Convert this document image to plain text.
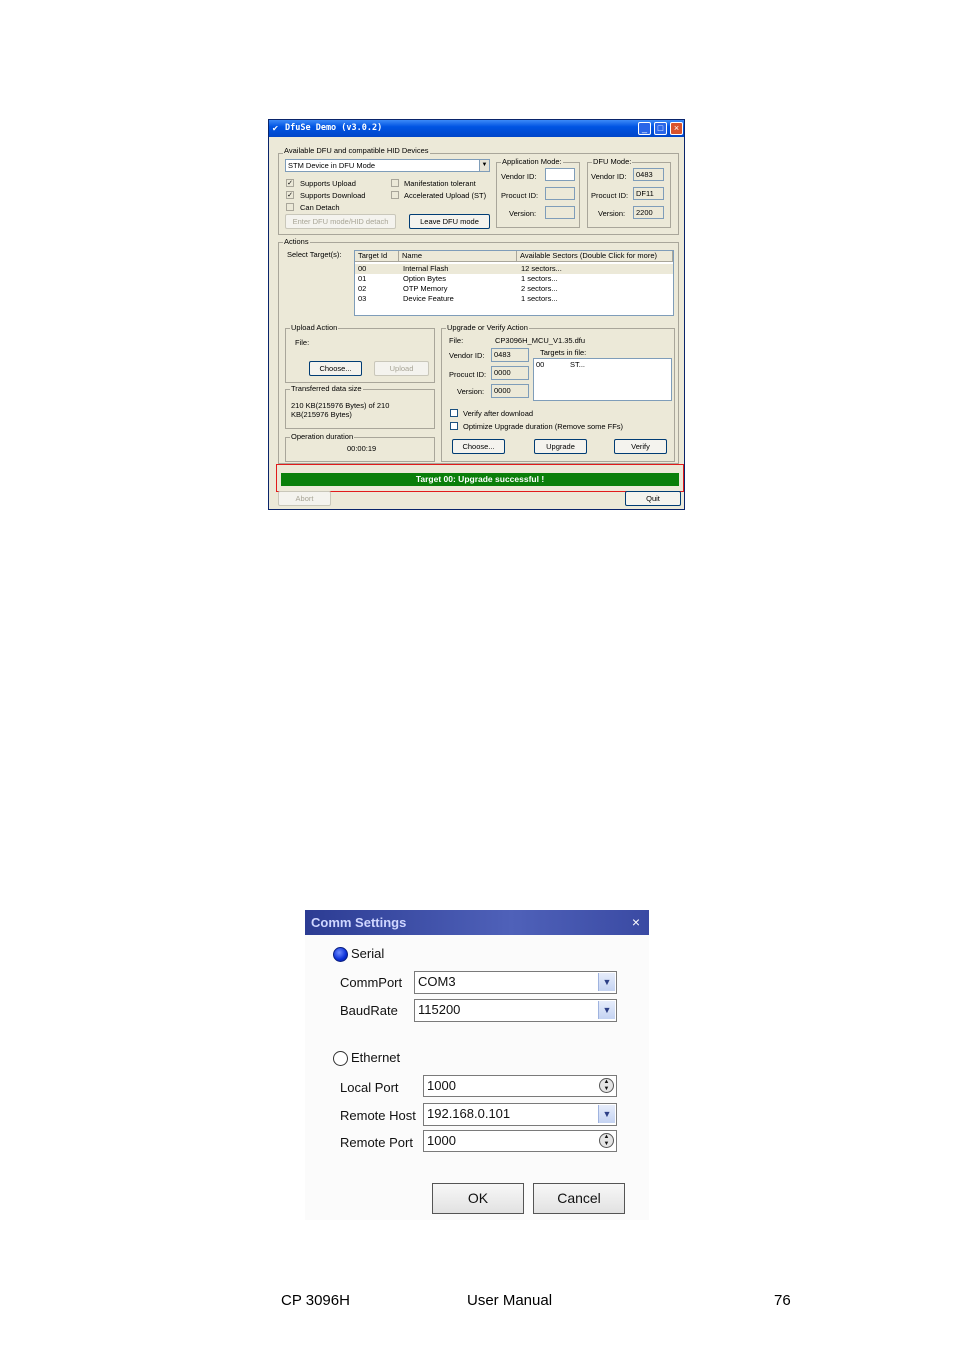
DfuSe Demo (v3.0.2)
✔	_	□	×
Available DFU and compatible HID Devices
STM Device in DFU Mode	▼
✓ Supports Upload
✓ Supports Download
Can Detach
Manifestation tolerant
Accelerated Upload (ST)
Enter DFU mode/HID detach	Leave DFU mode
Application Mode:
Vendor ID:
Procuct ID:
Version:
DFU Mode:
Vendor ID:	0483
Procuct ID:	DF11
Version:	2200
Actions
Select Target(s):	Target Id	Name	Available Sectors (Double Click for more)
00	Internal Flash	12 sectors...
01	Option Bytes	1 sectors...
02	OTP Memory	2 sectors...
03	Device Feature	1 sectors...
Upload Action
File:
Choose...	Upload
Transferred data size
210 KB(215976 Bytes) of 210
KB(215976 Bytes)
Operation duration
00:00:19
Upgrade or Verify Action
File:	CP3096H_MCU_V1.35.dfu
Vendor ID:	0483
Procuct ID:	0000
Version:	0000
Targets in file:
00	ST...
Verify after download
Optimize Upgrade duration (Remove some FFs)
Choose...	Upgrade	Verify
Target 00: Upgrade successful !
Abort	Quit
Comm Settings	×
Serial
CommPort	COM3	▼
BaudRate	115200	▼
Ethernet
Local Port	1000	▲
▼
Remote Host 192.168.0.101	▼
Remote Port	1000	▲
▼
OK	Cancel
CP 3096H	User Manual	76
